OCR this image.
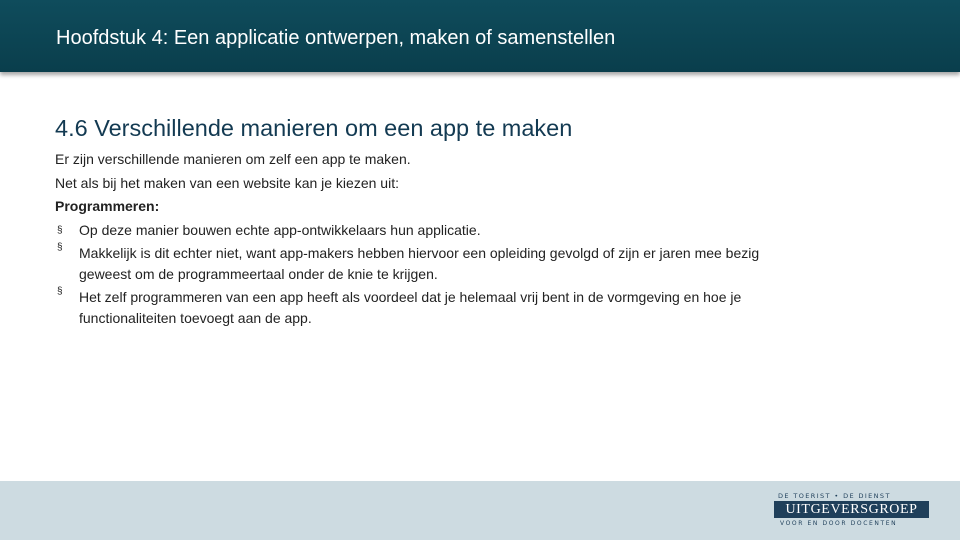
Hoofdstuk 4: Een applicatie ontwerpen, maken of samenstellen
4.6 Verschillende manieren om een app te maken
Er zijn verschillende manieren om zelf een app te maken.
Net als bij het maken van een website kan je kiezen uit:
Programmeren:
§ Op deze manier bouwen echte app-ontwikkelaars hun applicatie.
§ Makkelijk is dit echter niet, want app-makers hebben hiervoor een opleiding gevolgd of zijn er jaren mee bezig
geweest om de programmeertaal onder de knie te krijgen.
§ Het zelf programmeren van een app heeft als voordeel dat je helemaal vrij bent in de vormgeving en hoe je
functionaliteiten toevoegt aan de app.
DE TOERIST • DE DIENST
UITGEVERSGROEP
VOOR EN DOOR DOCENTEN
